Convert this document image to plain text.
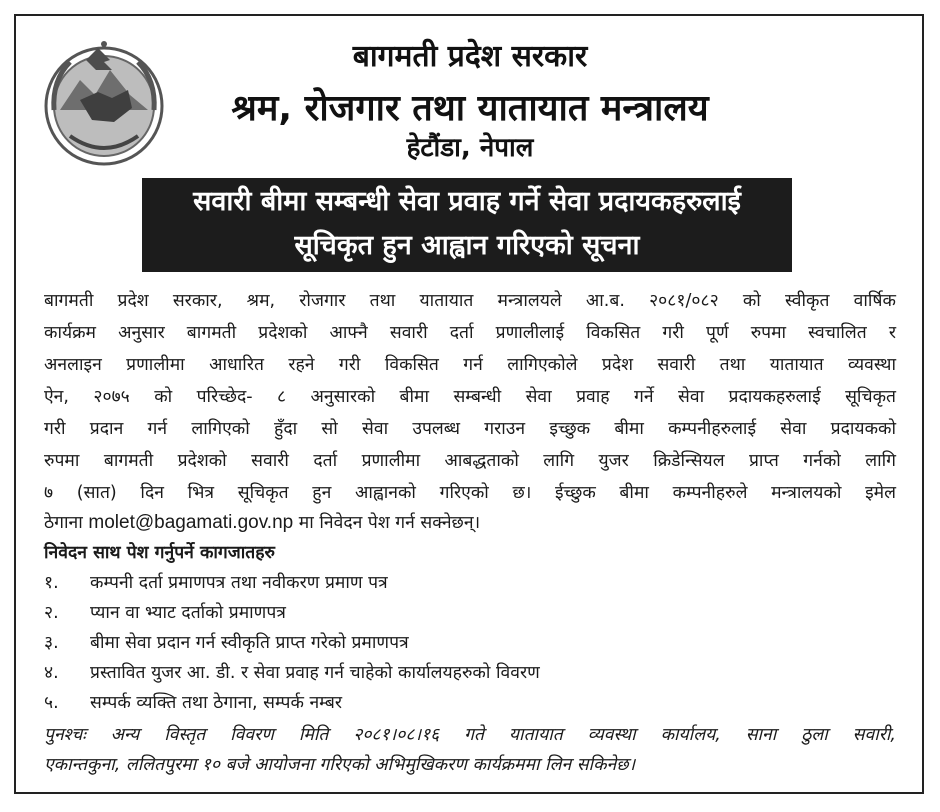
बागमती प्रदेश सरकार
श्रम, रोजगार तथा यातायात मन्त्रालय
हेटौंडा, नेपाल
सवारी बीमा सम्बन्धी सेवा प्रवाह गर्ने सेवा प्रदायकहरुलाई
सूचिकृत हुन आह्वान गरिएको सूचना
बागमती प्रदेश सरकार, श्रम, रोजगार तथा यातायात मन्त्रालयले आ.ब. २०८१/०८२ को स्वीकृत वार्षिक
कार्यक्रम अनुसार बागमती प्रदेशको आफ्नै सवारी दर्ता प्रणालीलाई विकसित गरी पूर्ण रुपमा स्वचालित र
अनलाइन प्रणालीमा आधारित रहने गरी विकसित गर्न लागिएकोले प्रदेश सवारी तथा यातायात व्यवस्था
ऐन, २०७५ को परिच्छेद- ८ अनुसारको बीमा सम्बन्धी सेवा प्रवाह गर्ने सेवा प्रदायकहरुलाई सूचिकृत
गरी प्रदान गर्न लागिएको हुँदा सो सेवा उपलब्ध गराउन इच्छुक बीमा कम्पनीहरुलाई सेवा प्रदायकको
रुपमा बागमती प्रदेशको सवारी दर्ता प्रणालीमा आबद्धताको लागि युजर क्रिडेन्सियल प्राप्त गर्नको लागि
७ (सात) दिन भित्र सूचिकृत हुन आह्वानको गरिएको छ। ईच्छुक बीमा कम्पनीहरुले मन्त्रालयको इमेल
ठेगाना molet@bagamati.gov.np मा निवेदन पेश गर्न सक्नेछन्।
निवेदन साथ पेश गर्नुपर्ने कागजातहरु
१. कम्पनी दर्ता प्रमाणपत्र तथा नवीकरण प्रमाण पत्र
२. प्यान वा भ्याट दर्ताको प्रमाणपत्र
३. बीमा सेवा प्रदान गर्न स्वीकृति प्राप्त गरेको प्रमाणपत्र
४. प्रस्तावित युजर आ. डी. र सेवा प्रवाह गर्न चाहेको कार्यालयहरुको विवरण
५. सम्पर्क व्यक्ति तथा ठेगाना, सम्पर्क नम्बर
पुनश्चः अन्य विस्तृत विवरण मिति २०८१।०८।१६ गते यातायात व्यवस्था कार्यालय, साना ठुला सवारी,
एकान्तकुना, ललितपुरमा १० बजे आयोजना गरिएको अभिमुखिकरण कार्यक्रममा लिन सकिनेछ।
